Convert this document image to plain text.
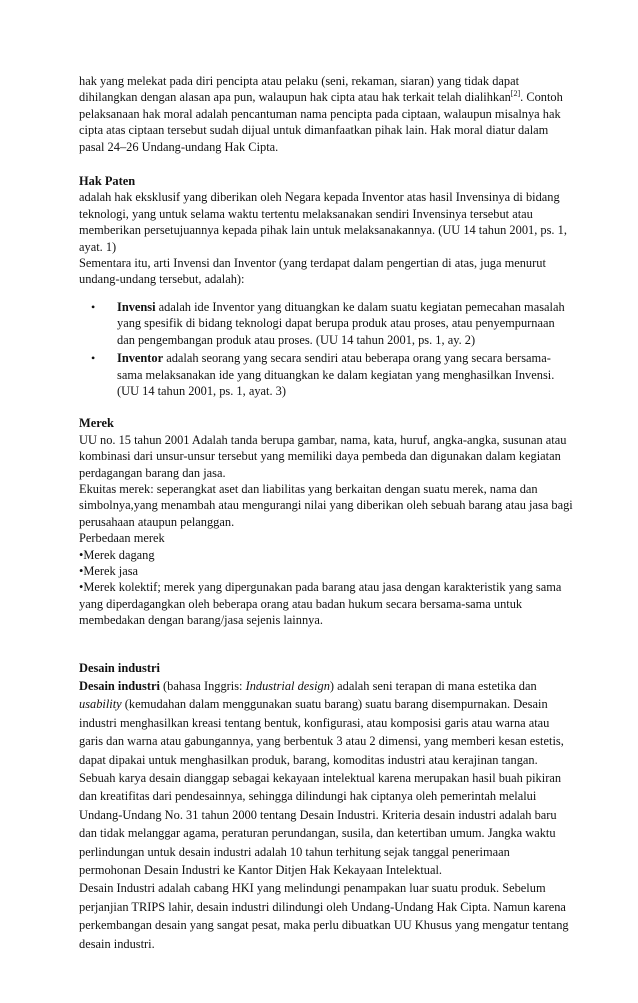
hak yang melekat pada diri pencipta atau pelaku (seni, rekaman, siaran) yang tidak dapat dihilangkan dengan alasan apa pun, walaupun hak cipta atau hak terkait telah dialihkan[2]. Contoh pelaksanaan hak moral adalah pencantuman nama pencipta pada ciptaan, walaupun misalnya hak cipta atas ciptaan tersebut sudah dijual untuk dimanfaatkan pihak lain. Hak moral diatur dalam pasal 24–26 Undang-undang Hak Cipta.

Hak Paten

adalah hak eksklusif yang diberikan oleh Negara kepada Inventor atas hasil Invensinya di bidang teknologi, yang untuk selama waktu tertentu melaksanakan sendiri Invensinya tersebut atau memberikan persetujuannya kepada pihak lain untuk melaksanakannya. (UU 14 tahun 2001, ps. 1, ayat. 1)

Sementara itu, arti Invensi dan Inventor (yang terdapat dalam pengertian di atas, juga menurut undang-undang tersebut, adalah):

• Invensi adalah ide Inventor yang dituangkan ke dalam suatu kegiatan pemecahan masalah yang spesifik di bidang teknologi dapat berupa produk atau proses, atau penyempurnaan dan pengembangan produk atau proses. (UU 14 tahun 2001, ps. 1, ay. 2)
• Inventor adalah seorang yang secara sendiri atau beberapa orang yang secara bersama-sama melaksanakan ide yang dituangkan ke dalam kegiatan yang menghasilkan Invensi. (UU 14 tahun 2001, ps. 1, ayat. 3)

Merek

UU no. 15 tahun 2001 Adalah tanda berupa gambar, nama, kata, huruf, angka-angka, susunan atau kombinasi dari unsur-unsur tersebut yang memiliki daya pembeda dan digunakan dalam kegiatan perdagangan barang dan jasa.

Ekuitas merek: seperangkat aset dan liabilitas yang berkaitan dengan suatu merek, nama dan simbolnya,yang menambah atau mengurangi nilai yang diberikan oleh sebuah barang atau jasa bagi perusahaan ataupun pelanggan.

Perbedaan merek

•Merek dagang

•Merek jasa

•Merek kolektif; merek yang dipergunakan pada barang atau jasa dengan karakteristik yang sama yang diperdagangkan oleh beberapa orang atau badan hukum secara bersama-sama untuk membedakan dengan barang/jasa sejenis lainnya.

Desain industri

Desain industri (bahasa Inggris: Industrial design) adalah seni terapan di mana estetika dan usability (kemudahan dalam menggunakan suatu barang) suatu barang disempurnakan. Desain industri menghasilkan kreasi tentang bentuk, konfigurasi, atau komposisi garis atau warna atau garis dan warna atau gabungannya, yang berbentuk 3 atau 2 dimensi, yang memberi kesan estetis, dapat dipakai untuk menghasilkan produk, barang, komoditas industri atau kerajinan tangan. Sebuah karya desain dianggap sebagai kekayaan intelektual karena merupakan hasil buah pikiran dan kreatifitas dari pendesainnya, sehingga dilindungi hak ciptanya oleh pemerintah melalui Undang-Undang No. 31 tahun 2000 tentang Desain Industri. Kriteria desain industri adalah baru dan tidak melanggar agama, peraturan perundangan, susila, dan ketertiban umum. Jangka waktu perlindungan untuk desain industri adalah 10 tahun terhitung sejak tanggal penerimaan permohonan Desain Industri ke Kantor Ditjen Hak Kekayaan Intelektual.

Desain Industri adalah cabang HKI yang melindungi penampakan luar suatu produk. Sebelum perjanjian TRIPS lahir, desain industri dilindungi oleh Undang-Undang Hak Cipta. Namun karena perkembangan desain yang sangat pesat, maka perlu dibuatkan UU Khusus yang mengatur tentang desain industri.
